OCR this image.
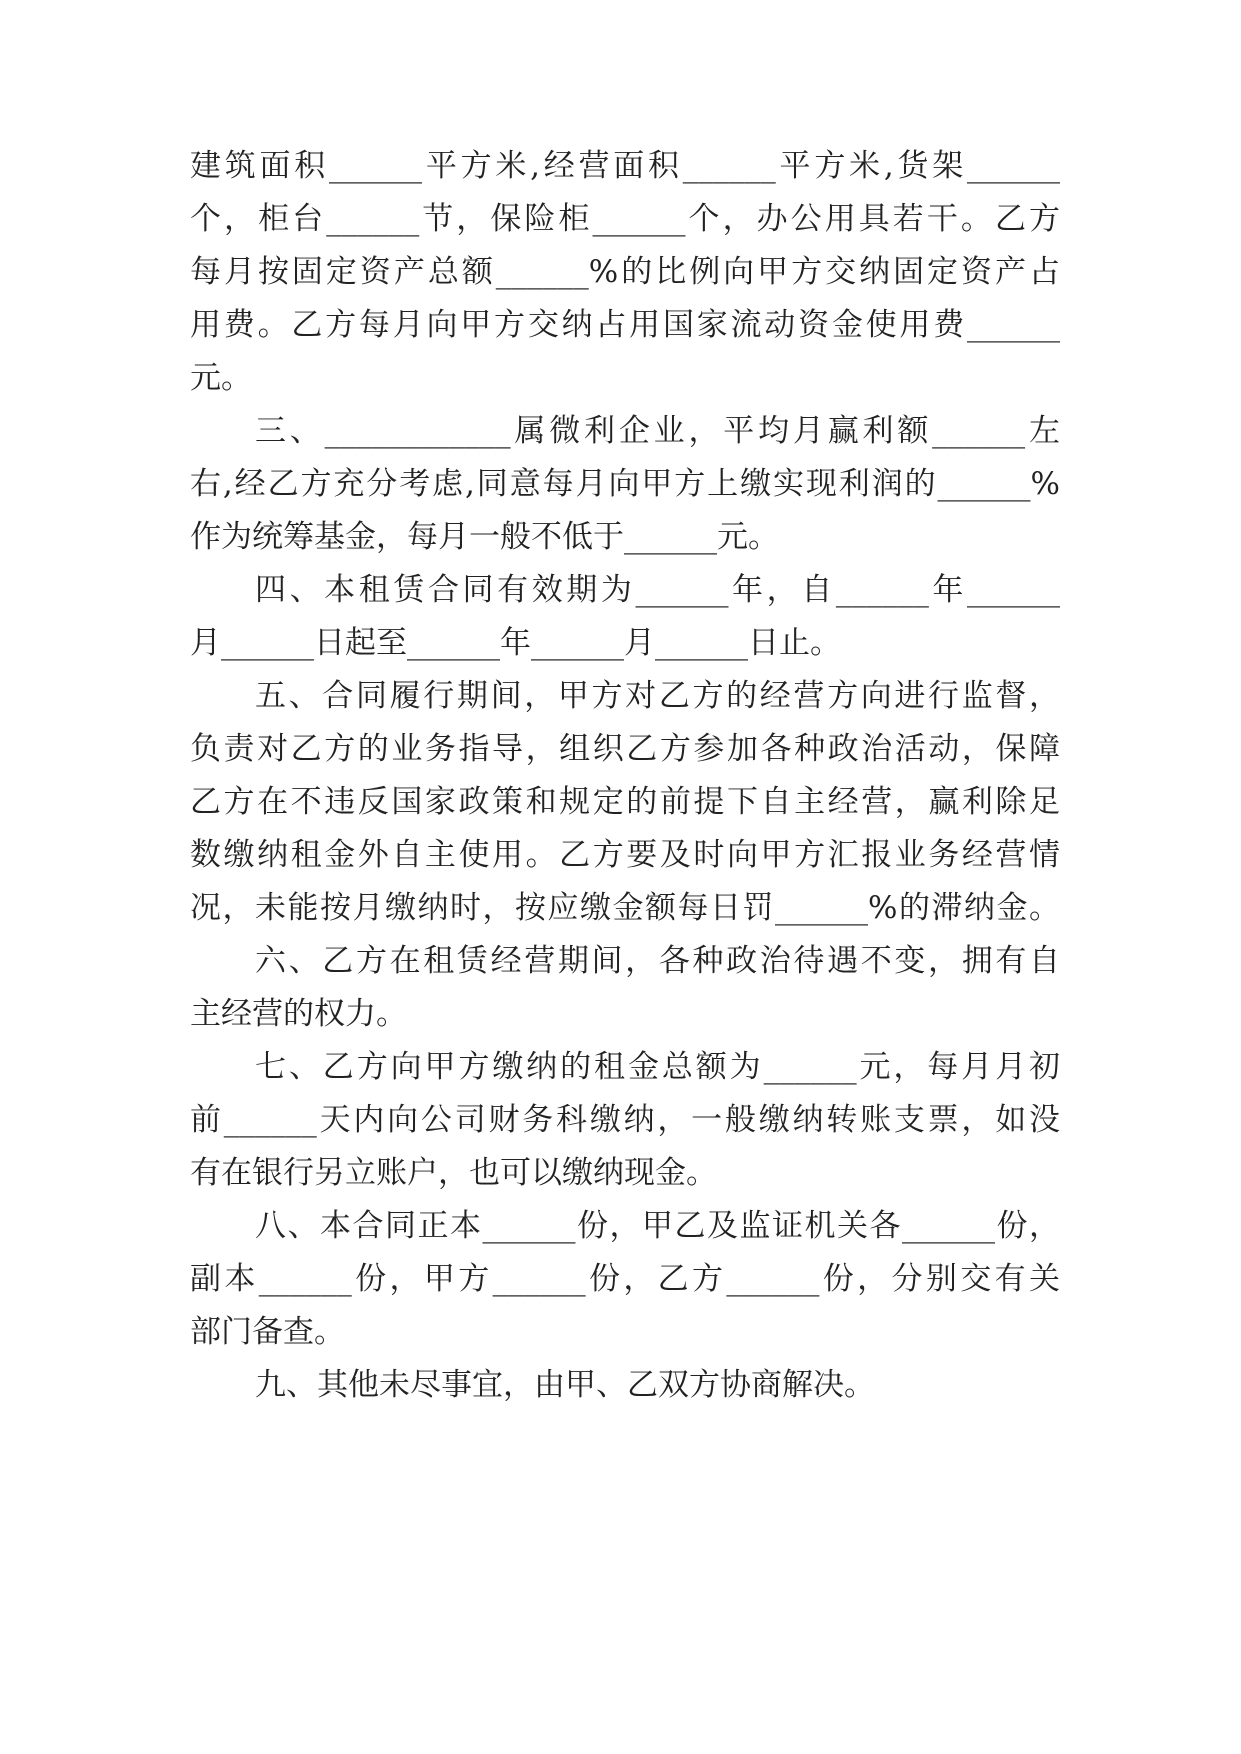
建筑面积______平方米,经营面积______平方米,货架______
个，柜台______节，保险柜______个，办公用具若干。乙方
每月按固定资产总额______%的比例向甲方交纳固定资产占
用费。乙方每月向甲方交纳占用国家流动资金使用费______
元。
三、____________属微利企业，平均月赢利额______左
右,经乙方充分考虑,同意每月向甲方上缴实现利润的______%
作为统筹基金，每月一般不低于______元。
四、本租赁合同有效期为______年，自______年______
月______日起至______年______月______日止。
五、合同履行期间，甲方对乙方的经营方向进行监督，
负责对乙方的业务指导，组织乙方参加各种政治活动，保障
乙方在不违反国家政策和规定的前提下自主经营，赢利除足
数缴纳租金外自主使用。乙方要及时向甲方汇报业务经营情
况，未能按月缴纳时，按应缴金额每日罚______%的滞纳金。
六、乙方在租赁经营期间，各种政治待遇不变，拥有自
主经营的权力。
七、乙方向甲方缴纳的租金总额为______元，每月月初
前______天内向公司财务科缴纳，一般缴纳转账支票，如没
有在银行另立账户，也可以缴纳现金。
八、本合同正本______份，甲乙及监证机关各______份，
副本______份，甲方______份，乙方______份，分别交有关
部门备查。
九、其他未尽事宜，由甲、乙双方协商解决。
